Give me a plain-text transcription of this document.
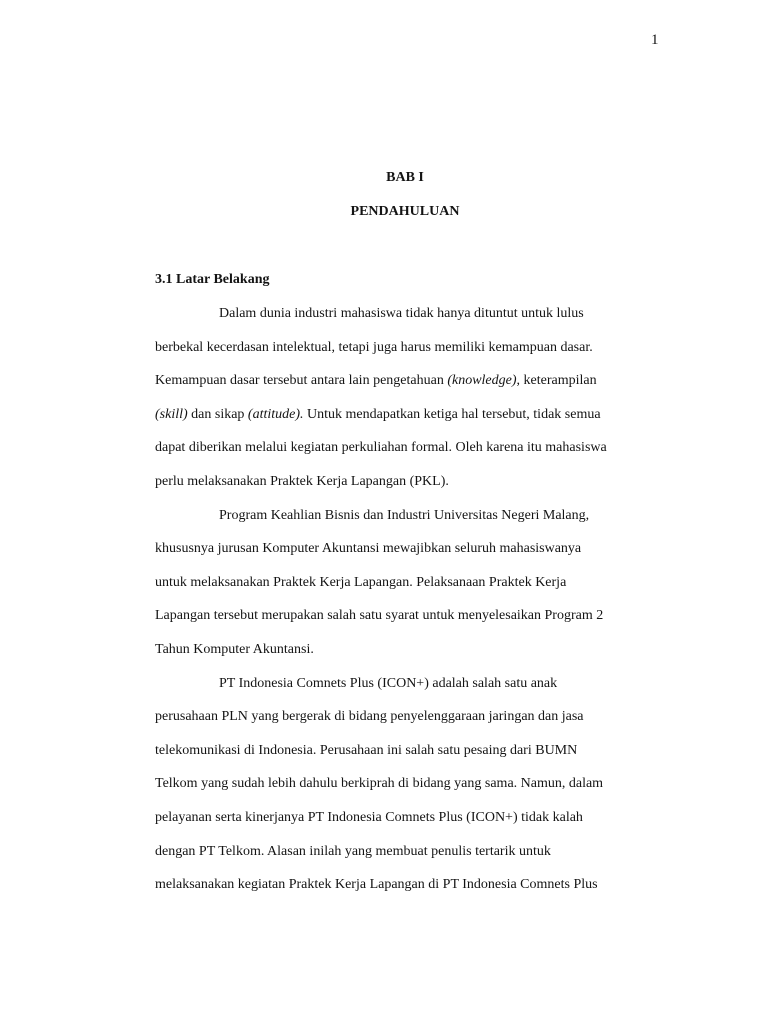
1
BAB I
PENDAHULUAN
3.1 Latar Belakang
Dalam dunia industri mahasiswa tidak hanya dituntut untuk lulus
berbekal kecerdasan intelektual, tetapi juga harus memiliki kemampuan dasar.
Kemampuan dasar tersebut antara lain pengetahuan (knowledge), keterampilan
(skill) dan sikap (attitude). Untuk mendapatkan ketiga hal tersebut, tidak semua
dapat diberikan melalui kegiatan perkuliahan formal. Oleh karena itu mahasiswa
perlu melaksanakan Praktek Kerja Lapangan (PKL).
Program Keahlian Bisnis dan Industri Universitas Negeri Malang,
khususnya jurusan Komputer Akuntansi mewajibkan seluruh mahasiswanya
untuk melaksanakan Praktek Kerja Lapangan. Pelaksanaan Praktek Kerja
Lapangan tersebut merupakan salah satu syarat untuk menyelesaikan Program 2
Tahun Komputer Akuntansi.
PT Indonesia Comnets Plus (ICON+) adalah salah satu anak
perusahaan PLN yang bergerak di bidang penyelenggaraan jaringan dan jasa
telekomunikasi di Indonesia. Perusahaan ini salah satu pesaing dari BUMN
Telkom yang sudah lebih dahulu berkiprah di bidang yang sama. Namun, dalam
pelayanan serta kinerjanya PT Indonesia Comnets Plus (ICON+) tidak kalah
dengan PT Telkom. Alasan inilah yang membuat penulis tertarik untuk
melaksanakan kegiatan Praktek Kerja Lapangan di PT Indonesia Comnets Plus
